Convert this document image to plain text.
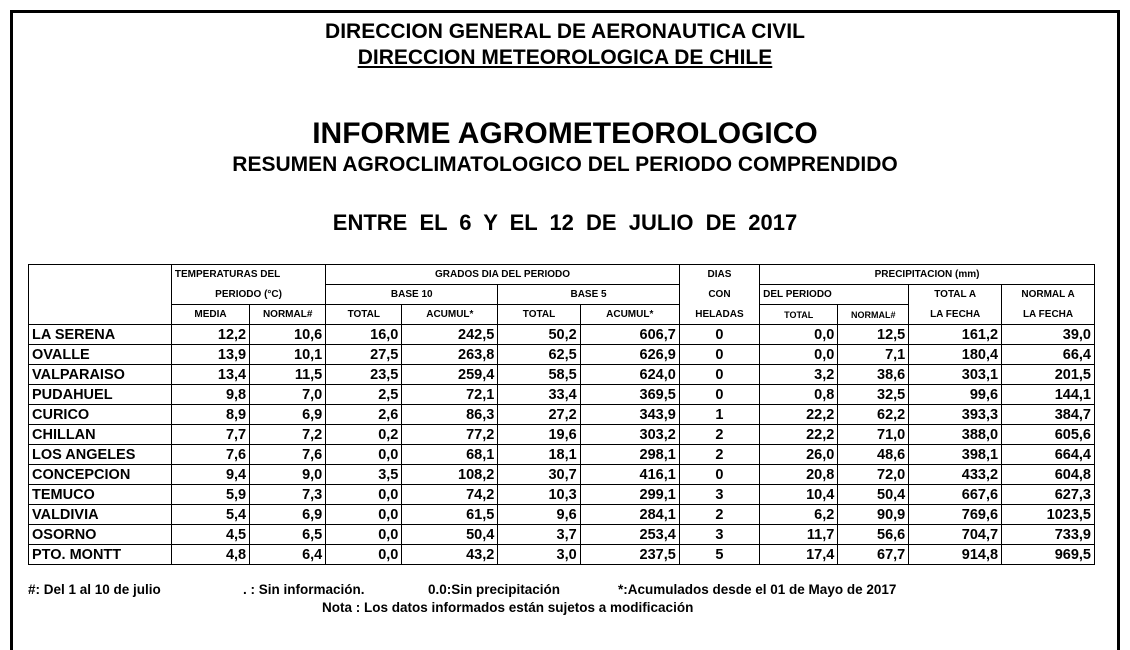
DIRECCION GENERAL DE AERONAUTICA CIVIL
DIRECCION METEOROLOGICA DE CHILE
INFORME AGROMETEOROLOGICO
RESUMEN AGROCLIMATOLOGICO DEL PERIODO COMPRENDIDO
ENTRE EL 6 Y EL 12 DE JULIO DE 2017
	TEMPERATURAS DEL		GRADOS DIA DEL PERIODO				DIAS	PRECIPITACION (mm)			
	PERIODO (°C)		BASE 10		BASE 5		CON	DEL PERIODO		TOTAL A	NORMAL A
	MEDIA	NORMAL#	TOTAL	ACUMUL*	TOTAL	ACUMUL*	HELADAS	TOTAL	NORMAL#	LA FECHA	LA FECHA
LA SERENA	12,2	10,6	16,0	242,5	50,2	606,7	0	0,0	12,5	161,2	39,0
OVALLE	13,9	10,1	27,5	263,8	62,5	626,9	0	0,0	7,1	180,4	66,4
VALPARAISO	13,4	11,5	23,5	259,4	58,5	624,0	0	3,2	38,6	303,1	201,5
PUDAHUEL	9,8	7,0	2,5	72,1	33,4	369,5	0	0,8	32,5	99,6	144,1
CURICO	8,9	6,9	2,6	86,3	27,2	343,9	1	22,2	62,2	393,3	384,7
CHILLAN	7,7	7,2	0,2	77,2	19,6	303,2	2	22,2	71,0	388,0	605,6
LOS ANGELES	7,6	7,6	0,0	68,1	18,1	298,1	2	26,0	48,6	398,1	664,4
CONCEPCION	9,4	9,0	3,5	108,2	30,7	416,1	0	20,8	72,0	433,2	604,8
TEMUCO	5,9	7,3	0,0	74,2	10,3	299,1	3	10,4	50,4	667,6	627,3
VALDIVIA	5,4	6,9	0,0	61,5	9,6	284,1	2	6,2	90,9	769,6	1023,5
OSORNO	4,5	6,5	0,0	50,4	3,7	253,4	3	11,7	56,6	704,7	733,9
PTO. MONTT	4,8	6,4	0,0	43,2	3,0	237,5	5	17,4	67,7	914,8	969,5
#: Del 1 al 10 de julio	. : Sin información.	0.0:Sin precipitación	*:Acumulados desde el 01 de Mayo de 2017
Nota : Los datos informados están sujetos a modificación
